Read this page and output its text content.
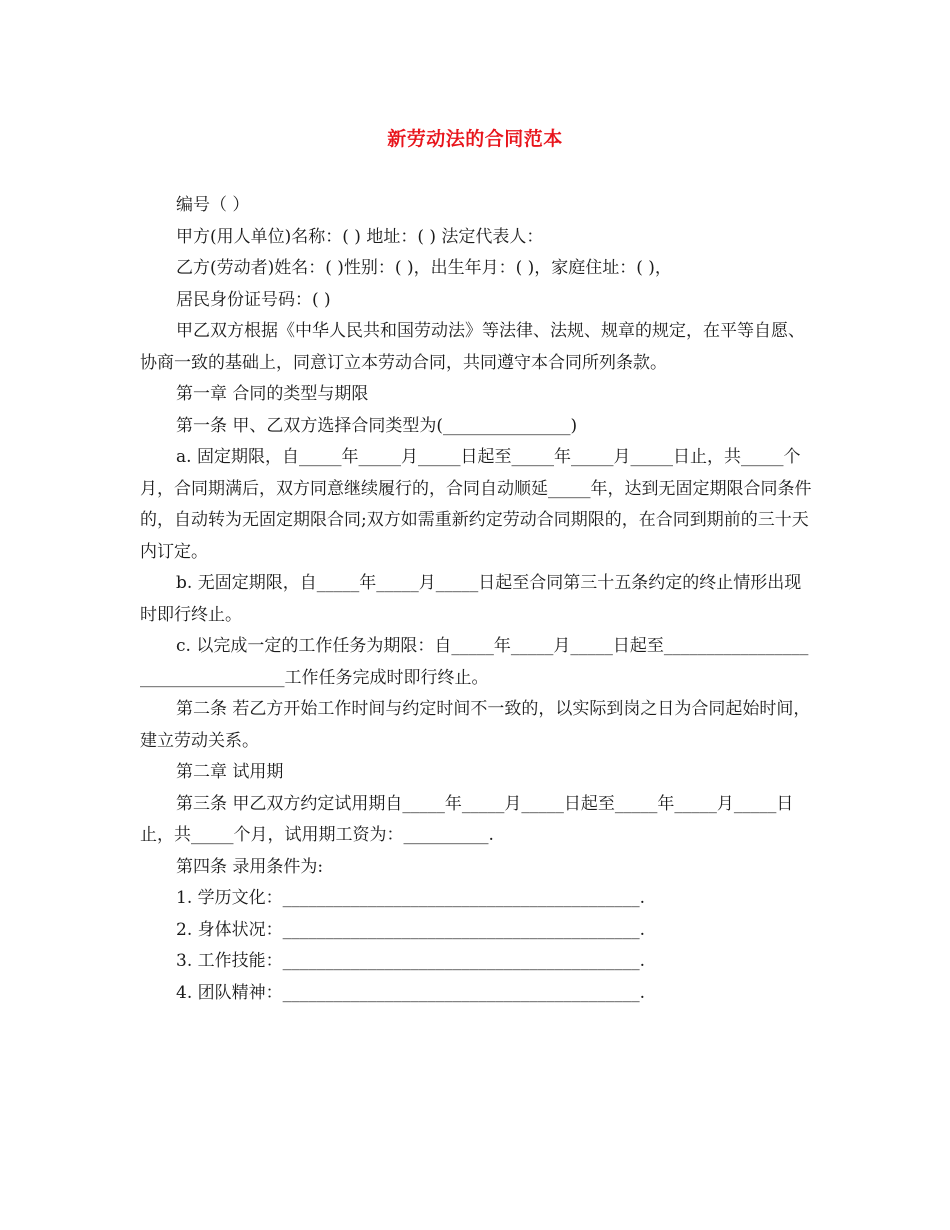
新劳动法的合同范本

编号（ ）

甲方(用人单位)名称：( ) 地址：( ) 法定代表人：

乙方(劳动者)姓名：( )性别：( )，出生年月：( )，家庭住址：( )，

居民身份证号码：( )

甲乙双方根据《中华人民共和国劳动法》等法律、法规、规章的规定，在平等自愿、协商一致的基础上，同意订立本劳动合同，共同遵守本合同所列条款。

第一章 合同的类型与期限

第一条 甲、乙双方选择合同类型为(_______________)

a. 固定期限，自_____年_____月_____日起至_____年_____月_____日止，共_____个月，合同期满后，双方同意继续履行的，合同自动顺延_____年，达到无固定期限合同条件的，自动转为无固定期限合同;双方如需重新约定劳动合同期限的，在合同到期前的三十天内订定。

b. 无固定期限，自_____年_____月_____日起至合同第三十五条约定的终止情形出现时即行终止。

c. 以完成一定的工作任务为期限：自_____年_____月_____日起至__________________________________工作任务完成时即行终止。

第二条 若乙方开始工作时间与约定时间不一致的，以实际到岗之日为合同起始时间，建立劳动关系。

第二章 试用期

第三条 甲乙双方约定试用期自_____年_____月_____日起至_____年_____月_____日止，共_____个月，试用期工资为：__________.

第四条 录用条件为:

1. 学历文化：__________________________________________.

2. 身体状况：__________________________________________.

3. 工作技能：__________________________________________.

4. 团队精神：__________________________________________.
